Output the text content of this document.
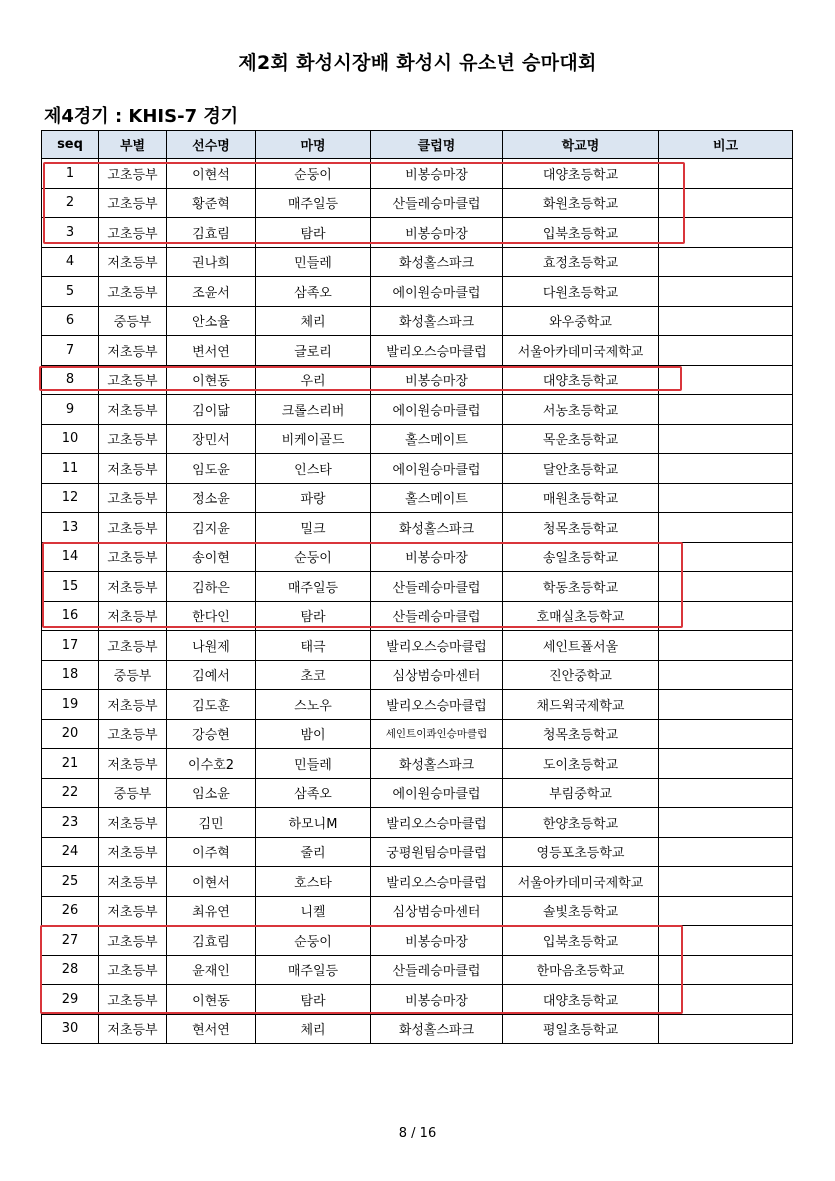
제2회 화성시장배 화성시 유소년 승마대회
제4경기 : KHIS-7 경기
seq	부별	선수명	마명	클럽명	학교명	비고
1	고초등부	이현석	순둥이	비봉승마장	대양초등학교	
2	고초등부	황준혁	매주일등	산들레승마클럽	화원초등학교	
3	고초등부	김효림	탐라	비봉승마장	입북초등학교	
4	저초등부	권나희	민들레	화성홀스파크	효정초등학교	
5	고초등부	조윤서	삼족오	에이원승마클럽	다원초등학교	
6	중등부	안소율	체리	화성홀스파크	와우중학교	
7	저초등부	변서연	글로리	발리오스승마클럽	서울아카데미국제학교	
8	고초등부	이현동	우리	비봉승마장	대양초등학교	
9	저초등부	김이닮	크롤스리버	에이원승마클럽	서농초등학교	
10	고초등부	장민서	비케이골드	홀스메이트	목운초등학교	
11	저초등부	임도윤	인스타	에이원승마클럽	달안초등학교	
12	고초등부	정소윤	파랑	홀스메이트	매원초등학교	
13	고초등부	김지윤	밀크	화성홀스파크	청목초등학교	
14	고초등부	송이현	순둥이	비봉승마장	송일초등학교	
15	저초등부	김하은	매주일등	산들레승마클럽	학동초등학교	
16	저초등부	한다인	탐라	산들레승마클럽	호매실초등학교	
17	고초등부	나원제	태극	발리오스승마클럽	세인트폴서울	
18	중등부	김예서	초코	심상범승마센터	진안중학교	
19	저초등부	김도훈	스노우	발리오스승마클럽	채드윅국제학교	
20	고초등부	강승현	밤이	세인트이콰인승마클럽	청목초등학교	
21	저초등부	이수호2	민들레	화성홀스파크	도이초등학교	
22	중등부	임소윤	삼족오	에이원승마클럽	부림중학교	
23	저초등부	김민	하모니M	발리오스승마클럽	한양초등학교	
24	저초등부	이주혁	줄리	궁평원팀승마클럽	영등포초등학교	
25	저초등부	이현서	호스타	발리오스승마클럽	서울아카데미국제학교	
26	저초등부	최유연	니켈	심상범승마센터	솔빛초등학교	
27	고초등부	김효림	순둥이	비봉승마장	입북초등학교	
28	고초등부	윤재인	매주일등	산들레승마클럽	한마음초등학교	
29	고초등부	이현동	탐라	비봉승마장	대양초등학교	
30	저초등부	현서연	체리	화성홀스파크	평일초등학교	
8 / 16
